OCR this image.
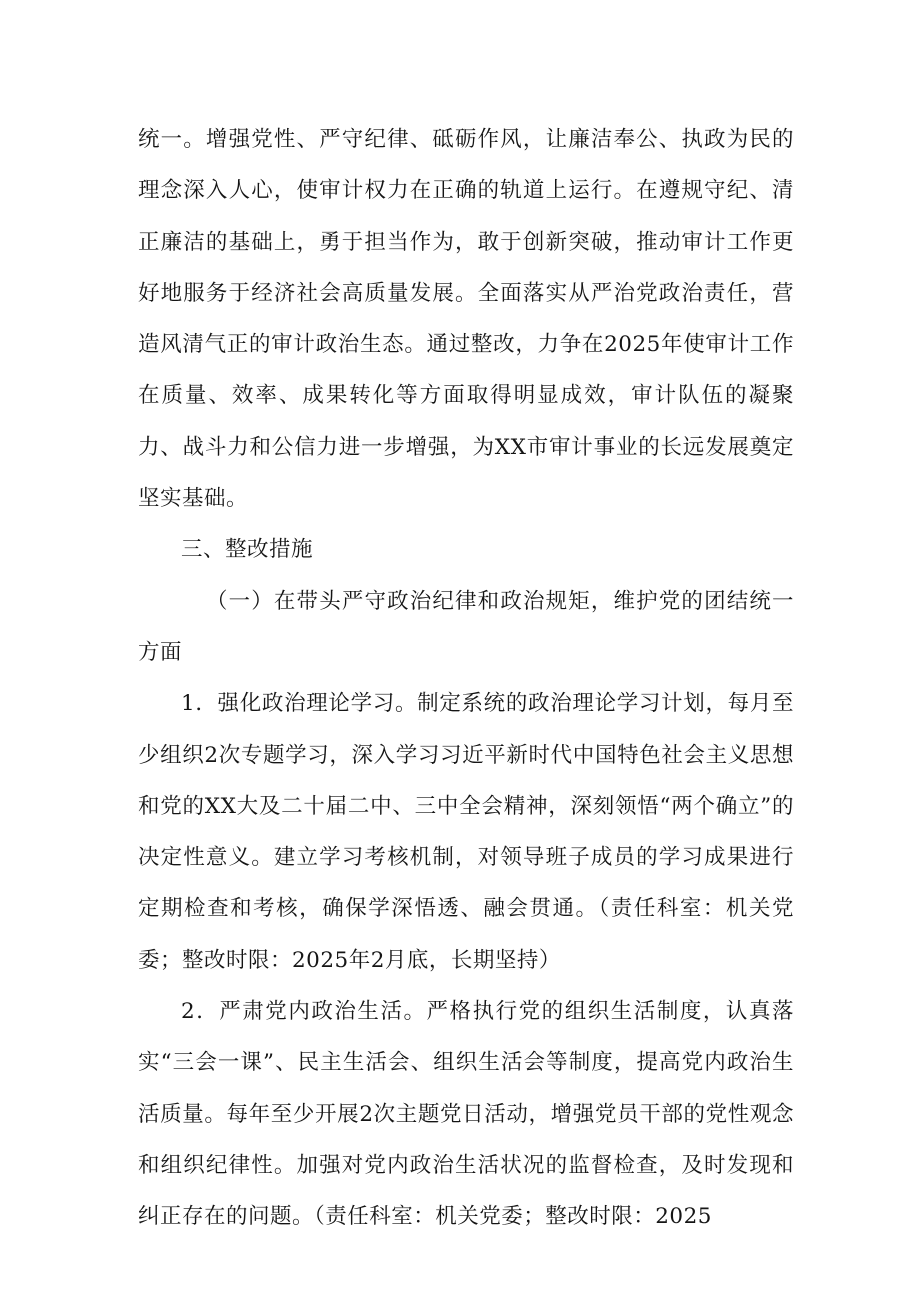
统一。增强党性、严守纪律、砥砺作风，让廉洁奉公、执政为民的理念深入人心，使审计权力在正确的轨道上运行。在遵规守纪、清正廉洁的基础上，勇于担当作为，敢于创新突破，推动审计工作更好地服务于经济社会高质量发展。全面落实从严治党政治责任，营造风清气正的审计政治生态。通过整改，力争在2025年使审计工作在质量、效率、成果转化等方面取得明显成效，审计队伍的凝聚力、战斗力和公信力进一步增强，为XX市审计事业的长远发展奠定坚实基础。

三、整改措施

（一）在带头严守政治纪律和政治规矩，维护党的团结统一方面

1．强化政治理论学习。制定系统的政治理论学习计划，每月至少组织2次专题学习，深入学习习近平新时代中国特色社会主义思想和党的XX大及二十届二中、三中全会精神，深刻领悟“两个确立”的决定性意义。建立学习考核机制，对领导班子成员的学习成果进行定期检查和考核，确保学深悟透、融会贯通。（责任科室：机关党委；整改时限：2025年2月底，长期坚持）

2．严肃党内政治生活。严格执行党的组织生活制度，认真落实“三会一课”、民主生活会、组织生活会等制度，提高党内政治生活质量。每年至少开展2次主题党日活动，增强党员干部的党性观念和组织纪律性。加强对党内政治生活状况的监督检查，及时发现和纠正存在的问题。（责任科室：机关党委；整改时限：2025
